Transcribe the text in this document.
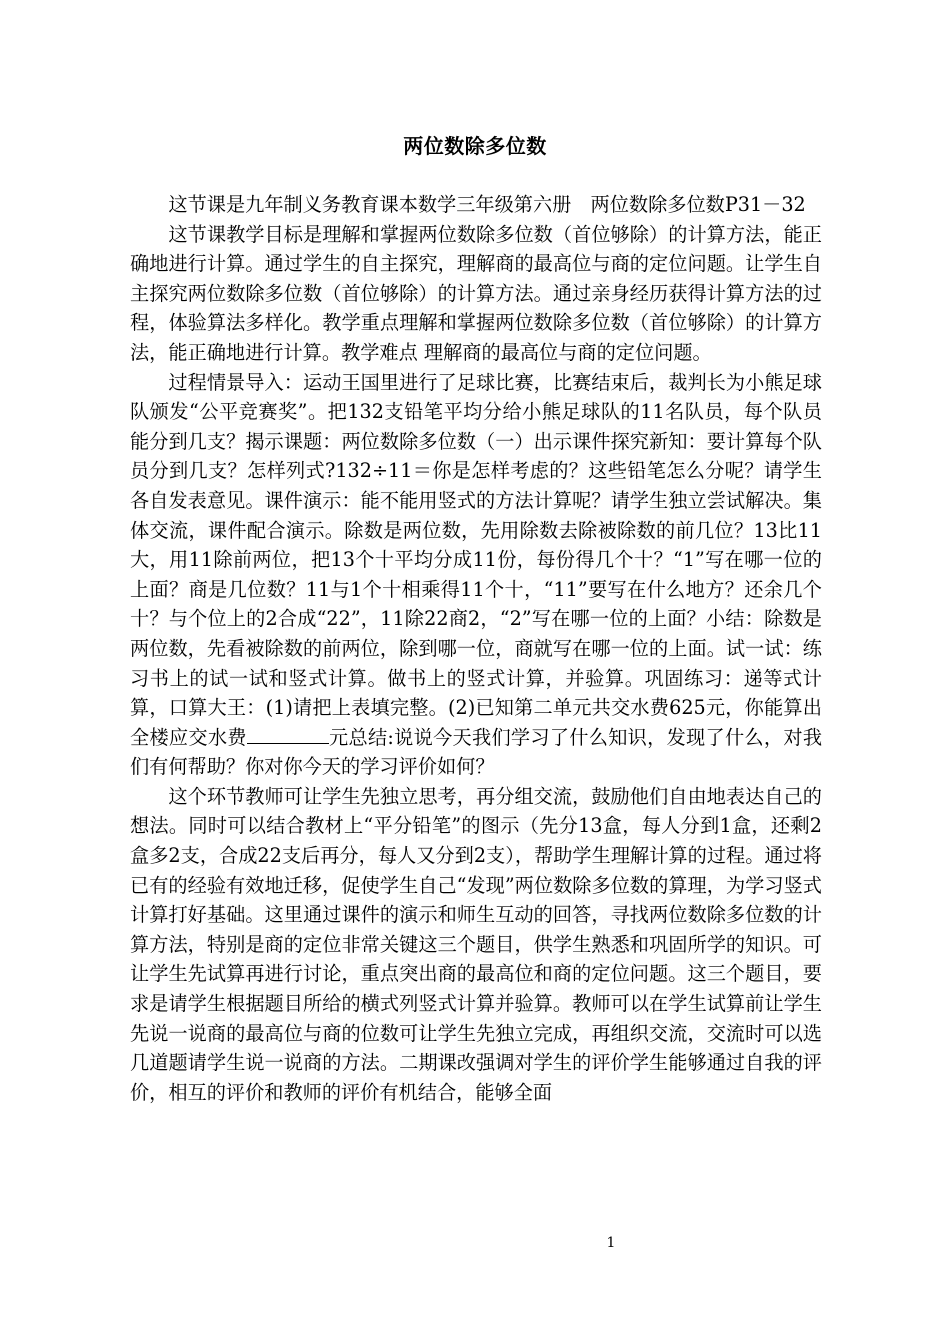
两位数除多位数

这节课是九年制义务教育课本数学三年级第六册　两位数除多位数P31－32

这节课教学目标是理解和掌握两位数除多位数（首位够除）的计算方法，能正确地进行计算。通过学生的自主探究，理解商的最高位与商的定位问题。让学生自主探究两位数除多位数（首位够除）的计算方法。通过亲身经历获得计算方法的过程，体验算法多样化。教学重点理解和掌握两位数除多位数（首位够除）的计算方法，能正确地进行计算。教学难点 理解商的最高位与商的定位问题。

过程情景导入：运动王国里进行了足球比赛，比赛结束后，裁判长为小熊足球队颁发“公平竞赛奖”。把132支铅笔平均分给小熊足球队的11名队员，每个队员能分到几支？揭示课题：两位数除多位数（一）出示课件探究新知：要计算每个队员分到几支？怎样列式?132÷11＝你是怎样考虑的？这些铅笔怎么分呢？请学生各自发表意见。课件演示：能不能用竖式的方法计算呢？请学生独立尝试解决。集体交流，课件配合演示。除数是两位数，先用除数去除被除数的前几位？13比11大，用11除前两位，把13个十平均分成11份，每份得几个十？“1”写在哪一位的上面？商是几位数？11与1个十相乘得11个十，“11”要写在什么地方？还余几个十？与个位上的2合成“22”，11除22商2，“2”写在哪一位的上面？小结：除数是两位数，先看被除数的前两位，除到哪一位，商就写在哪一位的上面。试一试：练习书上的试一试和竖式计算。做书上的竖式计算，并验算。巩固练习：递等式计算，口算大王：(1)请把上表填完整。(2)已知第二单元共交水费625元，你能算出全楼应交水费	元总结:说说今天我们学习了什么知识，发现了什么，对我们有何帮助？你对你今天的学习评价如何？

这个环节教师可让学生先独立思考，再分组交流，鼓励他们自由地表达自己的想法。同时可以结合教材上“平分铅笔”的图示（先分13盒，每人分到1盒，还剩2盒多2支，合成22支后再分，每人又分到2支），帮助学生理解计算的过程。通过将已有的经验有效地迁移，促使学生自己“发现”两位数除多位数的算理，为学习竖式计算打好基础。这里通过课件的演示和师生互动的回答，寻找两位数除多位数的计算方法，特别是商的定位非常关键这三个题目，供学生熟悉和巩固所学的知识。可让学生先试算再进行讨论，重点突出商的最高位和商的定位问题。这三个题目，要求是请学生根据题目所给的横式列竖式计算并验算。教师可以在学生试算前让学生先说一说商的最高位与商的位数可让学生先独立完成，再组织交流，交流时可以选几道题请学生说一说商的方法。二期课改强调对学生的评价学生能够通过自我的评价，相互的评价和教师的评价有机结合，能够全面

1
